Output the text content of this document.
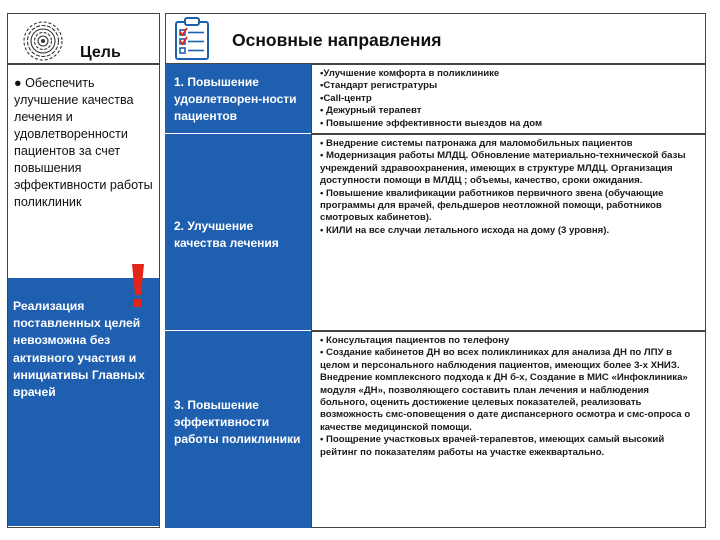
Цель
● Обеспечить улучшение качества лечения и удовлетворенности пациентов за счет повышения эффективности работы поликлиник
Реализация поставленных целей невозможна без активного участия и инициативы Главных врачей
Основные направления
1. Повышение удовлетворен-ности пациентов

•Улучшение комфорта в поликлинике

•Стандарт регистратуры

•Call-центр

• Дежурный терапевт

• Повышение эффективности выездов на дом

2. Улучшение качества лечения

• Внедрение системы патронажа для маломобильных пациентов

• Модернизация работы МЛДЦ. Обновление материально-технической базы учреждений здравоохранения, имеющих в структуре МЛДЦ. Организация доступности помощи в МЛДЦ ; объемы, качество, сроки ожидания.

• Повышение квалификации работников первичного звена (обучающие программы для врачей, фельдшеров неотложной помощи, работников смотровых кабинетов).

• КИЛИ на все случаи летального исхода на дому (3 уровня).

3. Повышение эффективности работы поликлиники

• Консультация пациентов по телефону

• Создание кабинетов ДН во всех поликлиниках для анализа ДН по ЛПУ в целом и персонального наблюдения пациентов, имеющих более 3-х ХНИЗ. Внедрение комплексного подхода к ДН б-х, Создание в МИС «Инфоклиника» модуля «ДН», позволяющего составить план лечения и наблюдения больного, оценить достижение целевых показателей, реализовать возможность смс-оповещения о дате диспансерного осмотра и смс-опроса о качестве медицинской помощи.

• Поощрение участковых врачей-терапевтов, имеющих самый высокий рейтинг по показателям работы на участке ежеквартально.
